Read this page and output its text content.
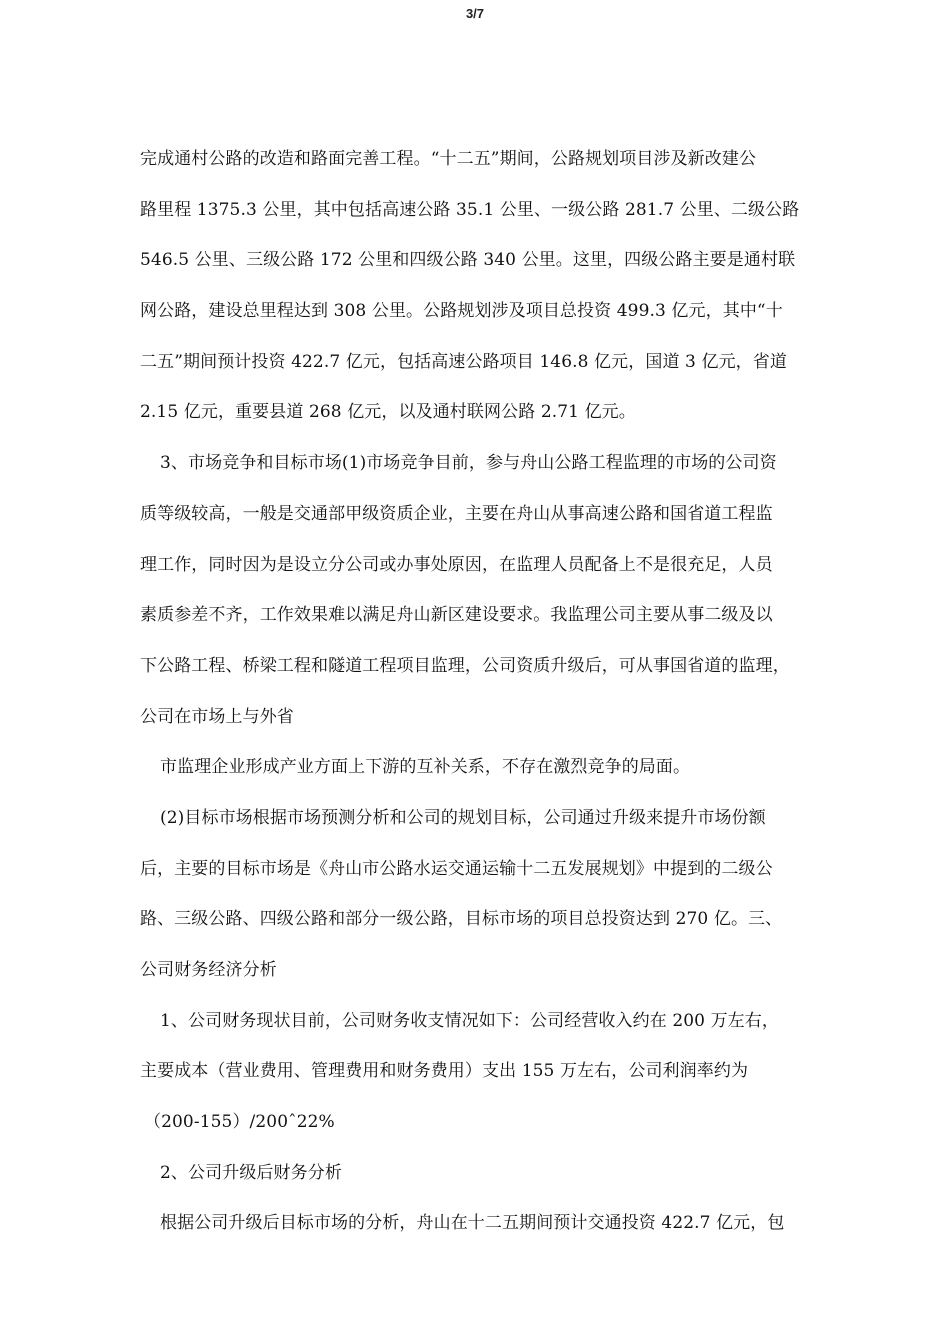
3/7
完成通村公路的改造和路面完善工程。“十二五”期间，公路规划项目涉及新改建公
路里程 1375.3 公里，其中包括高速公路 35.1 公里、一级公路 281.7 公里、二级公路
546.5 公里、三级公路 172 公里和四级公路 340 公里。这里，四级公路主要是通村联
网公路，建设总里程达到 308 公里。公路规划涉及项目总投资 499.3 亿元，其中“十
二五”期间预计投资 422.7 亿元，包括高速公路项目 146.8 亿元，国道 3 亿元，省道
2.15 亿元，重要县道 268 亿元，以及通村联网公路 2.71 亿元。
3、市场竞争和目标市场(1)市场竞争目前，参与舟山公路工程监理的市场的公司资
质等级较高，一般是交通部甲级资质企业，主要在舟山从事高速公路和国省道工程监
理工作，同时因为是设立分公司或办事处原因，在监理人员配备上不是很充足，人员
素质参差不齐，工作效果难以满足舟山新区建设要求。我监理公司主要从事二级及以
下公路工程、桥梁工程和隧道工程项目监理，公司资质升级后，可从事国省道的监理，
公司在市场上与外省
市监理企业形成产业方面上下游的互补关系，不存在激烈竞争的局面。
(2)目标市场根据市场预测分析和公司的规划目标，公司通过升级来提升市场份额
后，主要的目标市场是《舟山市公路水运交通运输十二五发展规划》中提到的二级公
路、三级公路、四级公路和部分一级公路，目标市场的项目总投资达到 270 亿。三、
公司财务经济分析
1、公司财务现状目前，公司财务收支情况如下：公司经营收入约在 200 万左右，
主要成本（营业费用、管理费用和财务费用）支出 155 万左右，公司利润率约为
（200-155）/200ˆ22%
2、公司升级后财务分析
根据公司升级后目标市场的分析，舟山在十二五期间预计交通投资 422.7 亿元，包
